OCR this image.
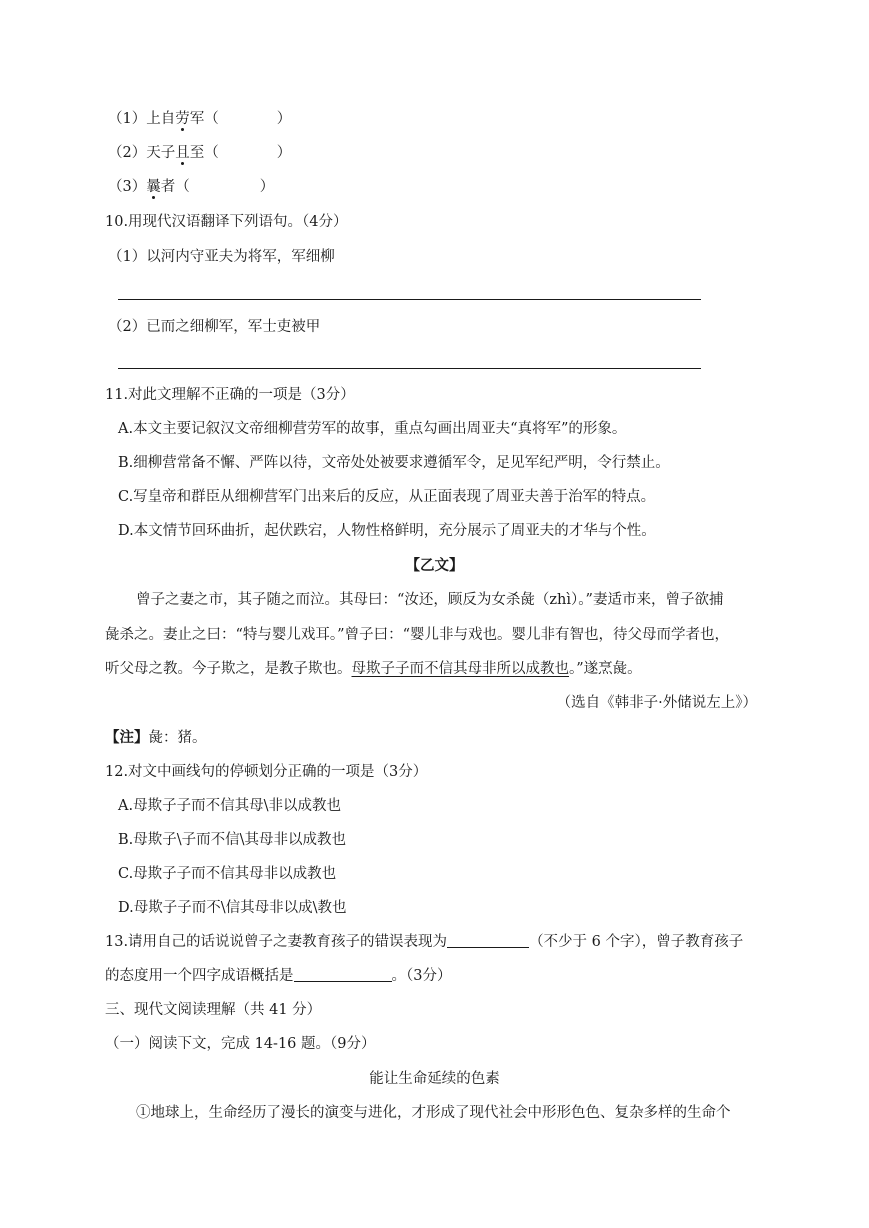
（1）上自劳军（	）
（2）天子且至（	）
（3）曩者（	）
10.用现代汉语翻译下列语句。（4分）
（1）以河内守亚夫为将军，军细柳
（2）已而之细柳军，军士吏被甲
11.对此文理解不正确的一项是（3分）
A.本文主要记叙汉文帝细柳营劳军的故事，重点勾画出周亚夫“真将军”的形象。
B.细柳营常备不懈、严阵以待，文帝处处被要求遵循军令，足见军纪严明，令行禁止。
C.写皇帝和群臣从细柳营军门出来后的反应，从正面表现了周亚夫善于治军的特点。
D.本文情节回环曲折，起伏跌宕，人物性格鲜明，充分展示了周亚夫的才华与个性。
【乙文】
曾子之妻之市，其子随之而泣。其母曰：“汝还，顾反为女杀彘（zhì）。”妻适市来，曾子欲捕
彘杀之。妻止之曰：“特与婴儿戏耳。”曾子曰：“婴儿非与戏也。婴儿非有智也，待父母而学者也，
听父母之教。今子欺之，是教子欺也。母欺子子而不信其母非所以成教也。”遂烹彘。
（选自《韩非子·外储说左上》）
【注】彘：猪。
12.对文中画线句的停顿划分正确的一项是（3分）
A.母欺子子而不信其母\非以成教也
B.母欺子\子而不信\其母非以成教也
C.母欺子子而不信其母非以成教也
D.母欺子子而不\信其母非以成\教也
13.请用自己的话说说曾子之妻教育孩子的错误表现为	（不少于 6 个字），曾子教育孩子
的态度用一个四字成语概括是	。（3分）
三、现代文阅读理解（共 41 分）
（一）阅读下文，完成 14-16 题。（9分）
能让生命延续的色素
①地球上，生命经历了漫长的演变与进化，才形成了现代社会中形形色色、复杂多样的生命个
